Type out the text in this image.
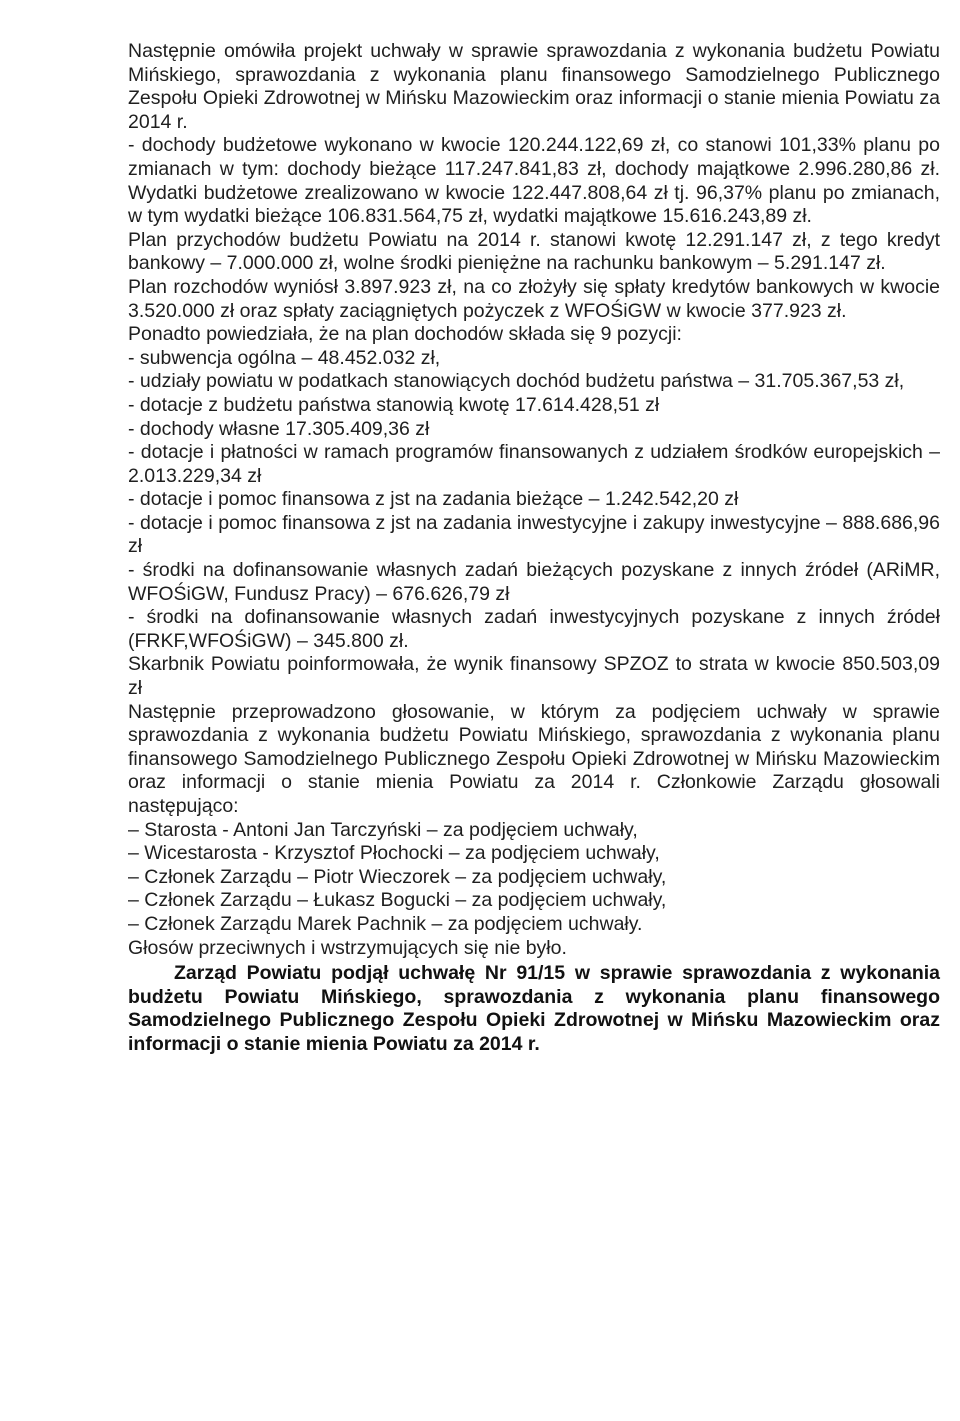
Następnie omówiła projekt uchwały w sprawie sprawozdania z wykonania budżetu Powiatu Mińskiego, sprawozdania z wykonania planu finansowego Samodzielnego Publicznego Zespołu Opieki Zdrowotnej w Mińsku Mazowieckim oraz informacji o stanie mienia Powiatu za 2014 r.

- dochody budżetowe wykonano w kwocie 120.244.122,69 zł, co stanowi 101,33% planu po zmianach w tym: dochody bieżące 117.247.841,83 zł, dochody majątkowe 2.996.280,86 zł. Wydatki budżetowe zrealizowano w kwocie 122.447.808,64 zł tj. 96,37% planu po zmianach, w tym wydatki bieżące 106.831.564,75 zł, wydatki majątkowe 15.616.243,89 zł.

Plan przychodów budżetu Powiatu na 2014 r. stanowi kwotę 12.291.147 zł, z tego kredyt bankowy – 7.000.000 zł, wolne środki pieniężne na rachunku bankowym – 5.291.147 zł.

Plan rozchodów wyniósł 3.897.923 zł, na co złożyły się spłaty kredytów bankowych w kwocie 3.520.000 zł oraz spłaty zaciągniętych pożyczek z WFOŚiGW w kwocie 377.923 zł.

Ponadto powiedziała, że na plan dochodów składa się 9 pozycji:

- subwencja ogólna – 48.452.032 zł,

- udziały powiatu w podatkach stanowiących dochód budżetu państwa – 31.705.367,53 zł,

- dotacje z budżetu państwa stanowią kwotę 17.614.428,51 zł

- dochody własne 17.305.409,36 zł

- dotacje i płatności w ramach programów finansowanych z udziałem środków europejskich – 2.013.229,34 zł

- dotacje i pomoc finansowa z jst na zadania bieżące – 1.242.542,20 zł

- dotacje i pomoc finansowa z jst na zadania inwestycyjne i zakupy inwestycyjne – 888.686,96 zł

- środki na dofinansowanie własnych zadań bieżących pozyskane z innych źródeł (ARiMR, WFOŚiGW, Fundusz Pracy) – 676.626,79 zł

- środki na dofinansowanie własnych zadań inwestycyjnych pozyskane z innych źródeł (FRKF,WFOŚiGW) – 345.800 zł.

Skarbnik Powiatu poinformowała, że wynik finansowy SPZOZ to strata w kwocie 850.503,09 zł

Następnie przeprowadzono głosowanie, w którym za podjęciem uchwały w sprawie sprawozdania z wykonania budżetu Powiatu Mińskiego, sprawozdania z wykonania planu finansowego Samodzielnego Publicznego Zespołu Opieki Zdrowotnej w Mińsku Mazowieckim oraz informacji o stanie mienia Powiatu za 2014 r. Członkowie Zarządu głosowali następująco:

– Starosta - Antoni Jan Tarczyński – za podjęciem uchwały,

– Wicestarosta - Krzysztof Płochocki – za podjęciem uchwały,

– Członek Zarządu – Piotr Wieczorek – za podjęciem uchwały,

– Członek Zarządu – Łukasz Bogucki – za podjęciem uchwały,

– Członek Zarządu Marek Pachnik – za podjęciem uchwały.

Głosów przeciwnych i wstrzymujących się nie było.

Zarząd Powiatu podjął uchwałę Nr 91/15 w sprawie sprawozdania z wykonania budżetu Powiatu Mińskiego, sprawozdania z wykonania planu finansowego Samodzielnego Publicznego Zespołu Opieki Zdrowotnej w Mińsku Mazowieckim oraz informacji o stanie mienia Powiatu za 2014 r.
